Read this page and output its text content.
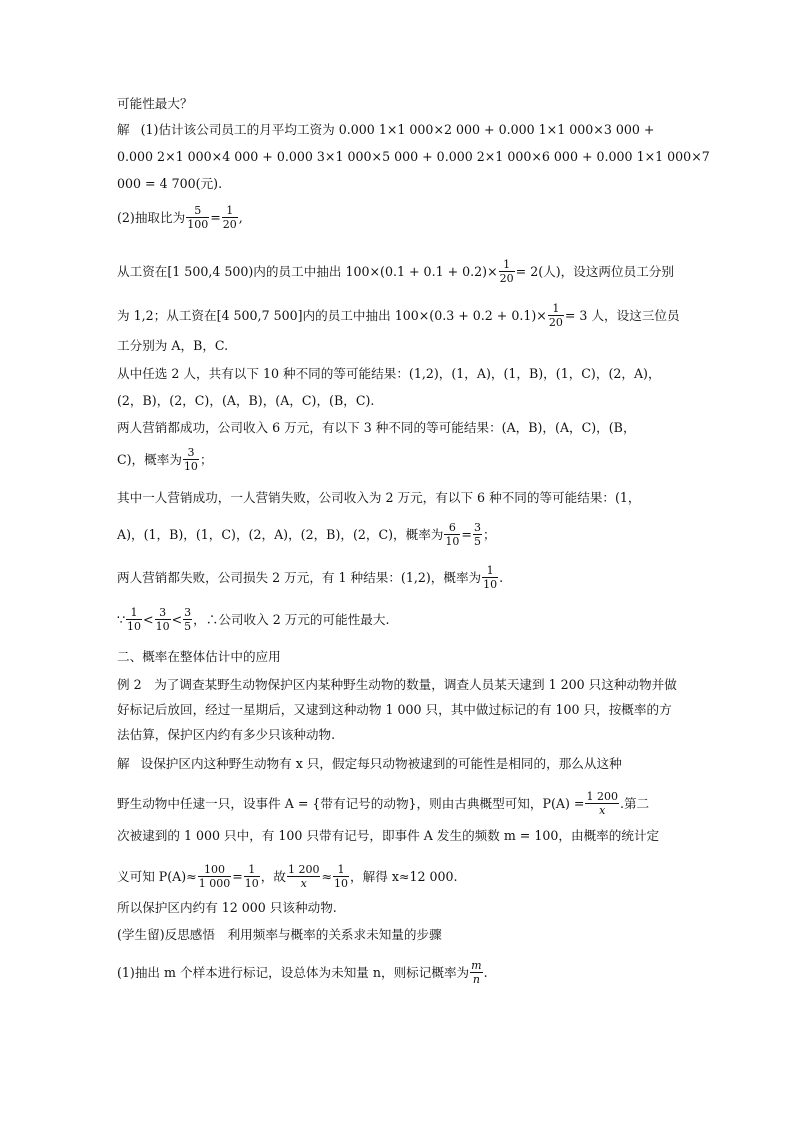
可能性最大？
解 (1)估计该公司员工的月平均工资为 0.000 1×1 000×2 000 + 0.000 1×1 000×3 000 +
0.000 2×1 000×4 000 + 0.000 3×1 000×5 000 + 0.000 2×1 000×6 000 + 0.000 1×1 000×7
000 = 4 700(元).
(2)抽取比为 $\frac{5}{100} = \frac{1}{20}$ ,
从工资在[1 500,4 500)内的员工中抽出 $100\times(0.1 + 0.1 + 0.2)\times \frac{1}{20} = 2$(人)，设这两位员工分别
为 1,2；从工资在[4 500,7 500]内的员工中抽出 $100\times(0.3 + 0.2 + 0.1)\times \frac{1}{20} = 3$ 人，设这三位员
工分别为 A，B，C.
从中任选 2 人，共有以下 10 种不同的等可能结果：(1,2)，(1，A)，(1，B)，(1，C)，(2，A)，
(2，B)，(2，C)，(A，B)，(A，C)，(B，C).
两人营销都成功，公司收入 6 万元，有以下 3 种不同的等可能结果：(A，B)，(A，C)，(B，
C)，概率为 $\frac{3}{10}$ ；
其中一人营销成功，一人营销失败，公司收入为 2 万元，有以下 6 种不同的等可能结果：(1，
A)，(1，B)，(1，C)，(2，A)，(2，B)，(2，C)，概率为 $\frac{6}{10} = \frac{3}{5}$ ；
两人营销都失败，公司损失 2 万元，有 1 种结果：(1,2)，概率为 $\frac{1}{10}$ .
∵ $\frac{1}{10} < \frac{3}{10} < \frac{3}{5}$ ，∴公司收入 2 万元的可能性最大.
二、概率在整体估计中的应用
例 2　为了调查某野生动物保护区内某种野生动物的数量，调查人员某天逮到 1 200 只这种动物并做好标记后放回，经过一星期后，又逮到这种动物 1 000 只，其中做过标记的有 100 只，按概率的方法估算，保护区内约有多少只该种动物.
解 设保护区内这种野生动物有 x 只，假定每只动物被逮到的可能性是相同的，那么从这种
野生动物中任逮一只，设事件 A = {带有记号的动物}，则由古典概型可知，$P(A) = \frac{1 200}{x}$ .第二
次被逮到的 1 000 只中，有 100 只带有记号，即事件 A 发生的频数 m = 100，由概率的统计定
义可知 $P(A)\approx \frac{100}{1 000} = \frac{1}{10}$ ，故 $\frac{1 200}{x} \approx \frac{1}{10}$ ，解得 x≈12 000.
所以保护区内约有 12 000 只该种动物.
(学生留)反思感悟　利用频率与概率的关系求未知量的步骤
(1)抽出 m 个样本进行标记，设总体为未知量 n，则标记概率为 $\frac{m}{n}$ .
